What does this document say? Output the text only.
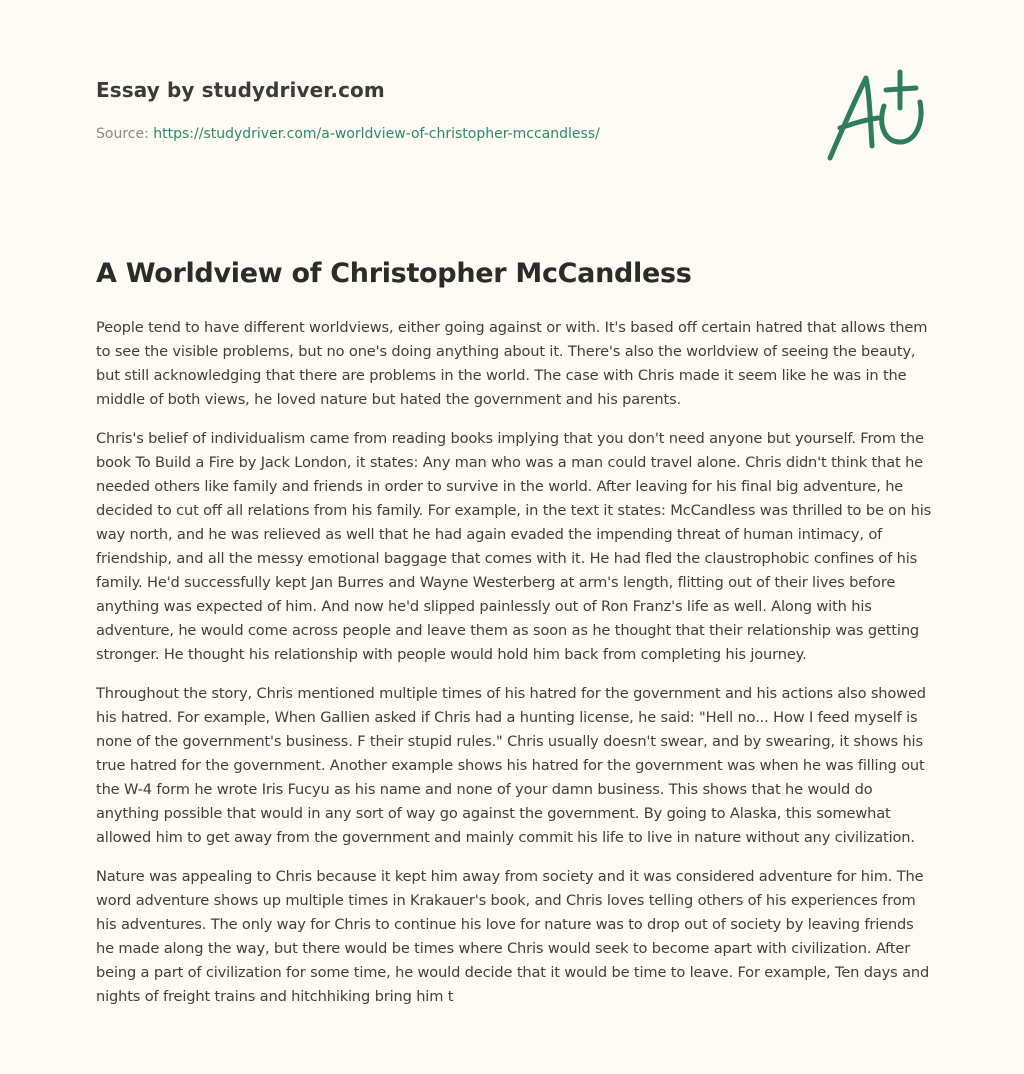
Essay by studydriver.com
Source: https://studydriver.com/a-worldview-of-christopher-mccandless/
A Worldview of Christopher McCandless

People tend to have different worldviews, either going against or with. It's based off certain hatred that allows them to see the visible problems, but no one's doing anything about it. There's also the worldview of seeing the beauty, but still acknowledging that there are problems in the world. The case with Chris made it seem like he was in the middle of both views, he loved nature but hated the government and his parents.

Chris's belief of individualism came from reading books implying that you don't need anyone but yourself. From the book To Build a Fire by Jack London, it states: Any man who was a man could travel alone. Chris didn't think that he needed others like family and friends in order to survive in the world. After leaving for his final big adventure, he decided to cut off all relations from his family. For example, in the text it states: McCandless was thrilled to be on his way north, and he was relieved as well that he had again evaded the impending threat of human intimacy, of friendship, and all the messy emotional baggage that comes with it. He had fled the claustrophobic confines of his family. He'd successfully kept Jan Burres and Wayne Westerberg at arm's length, flitting out of their lives before anything was expected of him. And now he'd slipped painlessly out of Ron Franz's life as well. Along with his adventure, he would come across people and leave them as soon as he thought that their relationship was getting stronger. He thought his relationship with people would hold him back from completing his journey.

Throughout the story, Chris mentioned multiple times of his hatred for the government and his actions also showed his hatred. For example, When Gallien asked if Chris had a hunting license, he said: "Hell no... How I feed myself is none of the government's business. F their stupid rules." Chris usually doesn't swear, and by swearing, it shows his true hatred for the government. Another example shows his hatred for the government was when he was filling out the W-4 form he wrote Iris Fucyu as his name and none of your damn business. This shows that he would do anything possible that would in any sort of way go against the government. By going to Alaska, this somewhat allowed him to get away from the government and mainly commit his life to live in nature without any civilization.

Nature was appealing to Chris because it kept him away from society and it was considered adventure for him. The word adventure shows up multiple times in Krakauer's book, and Chris loves telling others of his experiences from his adventures. The only way for Chris to continue his love for nature was to drop out of society by leaving friends he made along the way, but there would be times where Chris would seek to become apart with civilization. After being a part of civilization for some time, he would decide that it would be time to leave. For example, Ten days and nights of freight trains and hitchhiking bring him t
